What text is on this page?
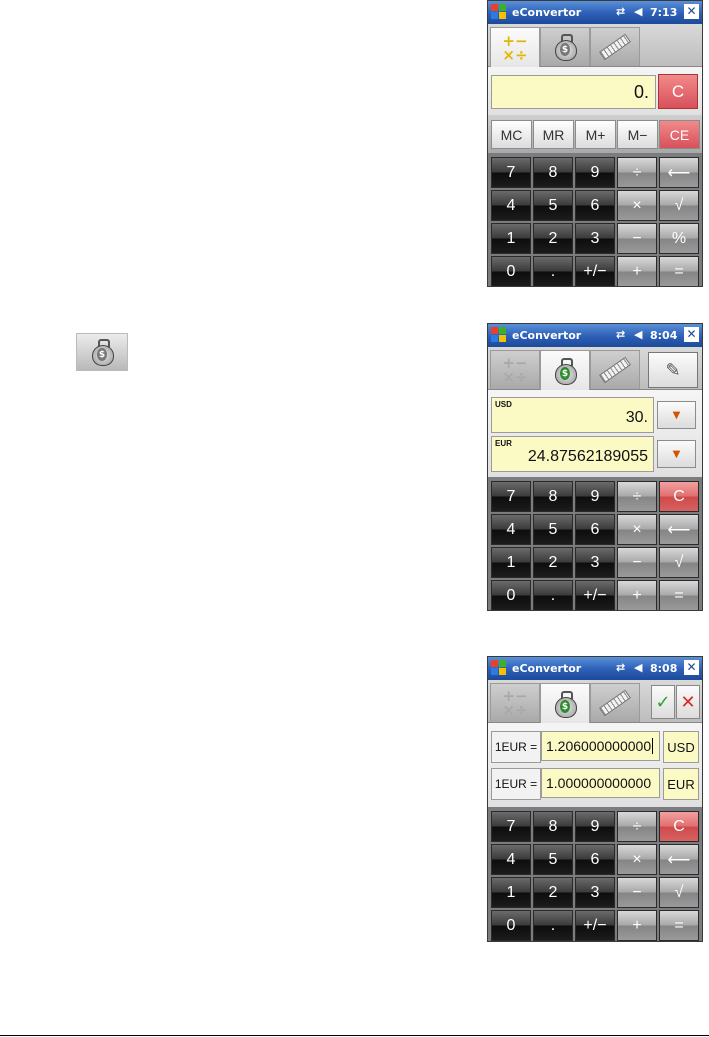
eConvertor	⇄ ◀ 7:13 ✕
+−
×÷	$
0.	C
MC	MR	M+	M−	CE
7	8	9	÷	⟵
4	5	6	×	√
1	2	3	−	%
0	.	+/−	+	=
$
eConvertor	⇄ ◀ 8:04 ✕
+−
×÷	$	✎
USD
30.	▼
EUR
24.87562189055	▼
7	8	9	÷	C
4	5	6	×	⟵
1	2	3	−	√
0	.	+/−	+	=
eConvertor	⇄ ◀ 8:08 ✕
+−
×÷	$	✓ ✕
1EUR = 1.206000000000	USD
1EUR = 1.000000000000	EUR
7	8	9	÷	C
4	5	6	×	⟵
1	2	3	−	√
0	.	+/−	+	=
